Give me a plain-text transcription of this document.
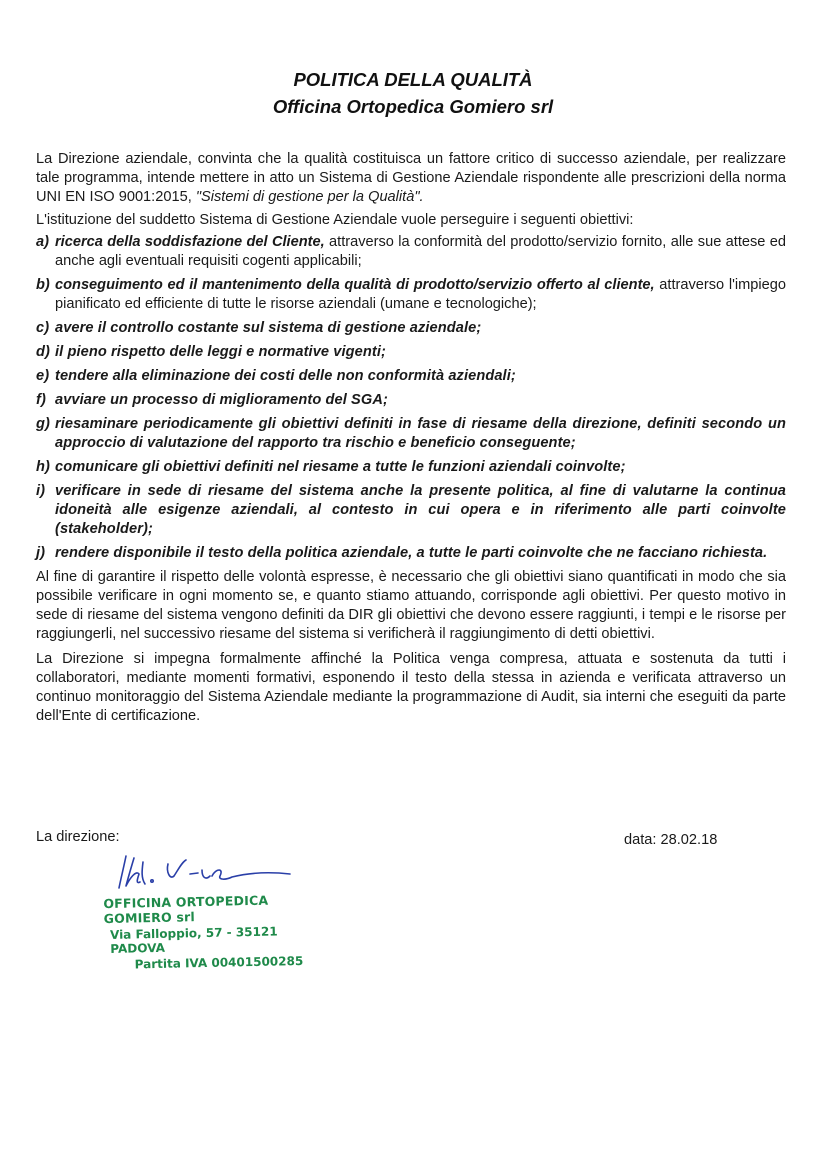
POLITICA DELLA QUALITÀ
Officina Ortopedica Gomiero srl

La Direzione aziendale, convinta che la qualità costituisca un fattore critico di successo aziendale, per realizzare tale programma, intende mettere in atto un Sistema di Gestione Aziendale rispondente alle prescrizioni della norma UNI EN ISO 9001:2015, "Sistemi di gestione per la Qualità".

L'istituzione del suddetto Sistema di Gestione Aziendale vuole perseguire i seguenti obiettivi:

a) ricerca della soddisfazione del Cliente, attraverso la conformità del prodotto/servizio fornito, alle sue attese ed anche agli eventuali requisiti cogenti applicabili;
b) conseguimento ed il mantenimento della qualità di prodotto/servizio offerto al cliente, attraverso l'impiego pianificato ed efficiente di tutte le risorse aziendali (umane e tecnologiche);
c) avere il controllo costante sul sistema di gestione aziendale;
d) il pieno rispetto delle leggi e normative vigenti;
e) tendere alla eliminazione dei costi delle non conformità aziendali;
f) avviare un processo di miglioramento del SGA;
g) riesaminare periodicamente gli obiettivi definiti in fase di riesame della direzione, definiti secondo un approccio di valutazione del rapporto tra rischio e beneficio conseguente;
h) comunicare gli obiettivi definiti nel riesame a tutte le funzioni aziendali coinvolte;
i) verificare in sede di riesame del sistema anche la presente politica, al fine di valutarne la continua idoneità alle esigenze aziendali, al contesto in cui opera e in riferimento alle parti coinvolte (stakeholder);
j) rendere disponibile il testo della politica aziendale, a tutte le parti coinvolte che ne facciano richiesta.

Al fine di garantire il rispetto delle volontà espresse, è necessario che gli obiettivi siano quantificati in modo che sia possibile verificare in ogni momento se, e quanto stiamo attuando, corrisponde agli obiettivi. Per questo motivo in sede di riesame del sistema vengono definiti da DIR gli obiettivi che devono essere raggiunti, i tempi e le risorse per raggiungerli, nel successivo riesame del sistema si verificherà il raggiungimento di detti obiettivi.

La Direzione si impegna formalmente affinché la Politica venga compresa, attuata e sostenuta da tutti i collaboratori, mediante momenti formativi, esponendo il testo della stessa in azienda e verificata attraverso un continuo monitoraggio del Sistema Aziendale mediante la programmazione di Audit, sia interni che eseguiti da parte dell'Ente di certificazione.

La direzione:	data: 28.02.18
OFFICINA ORTOPEDICA GOMIERO srl
Via Falloppio, 57 - 35121 PADOVA
Partita IVA 00401500285
